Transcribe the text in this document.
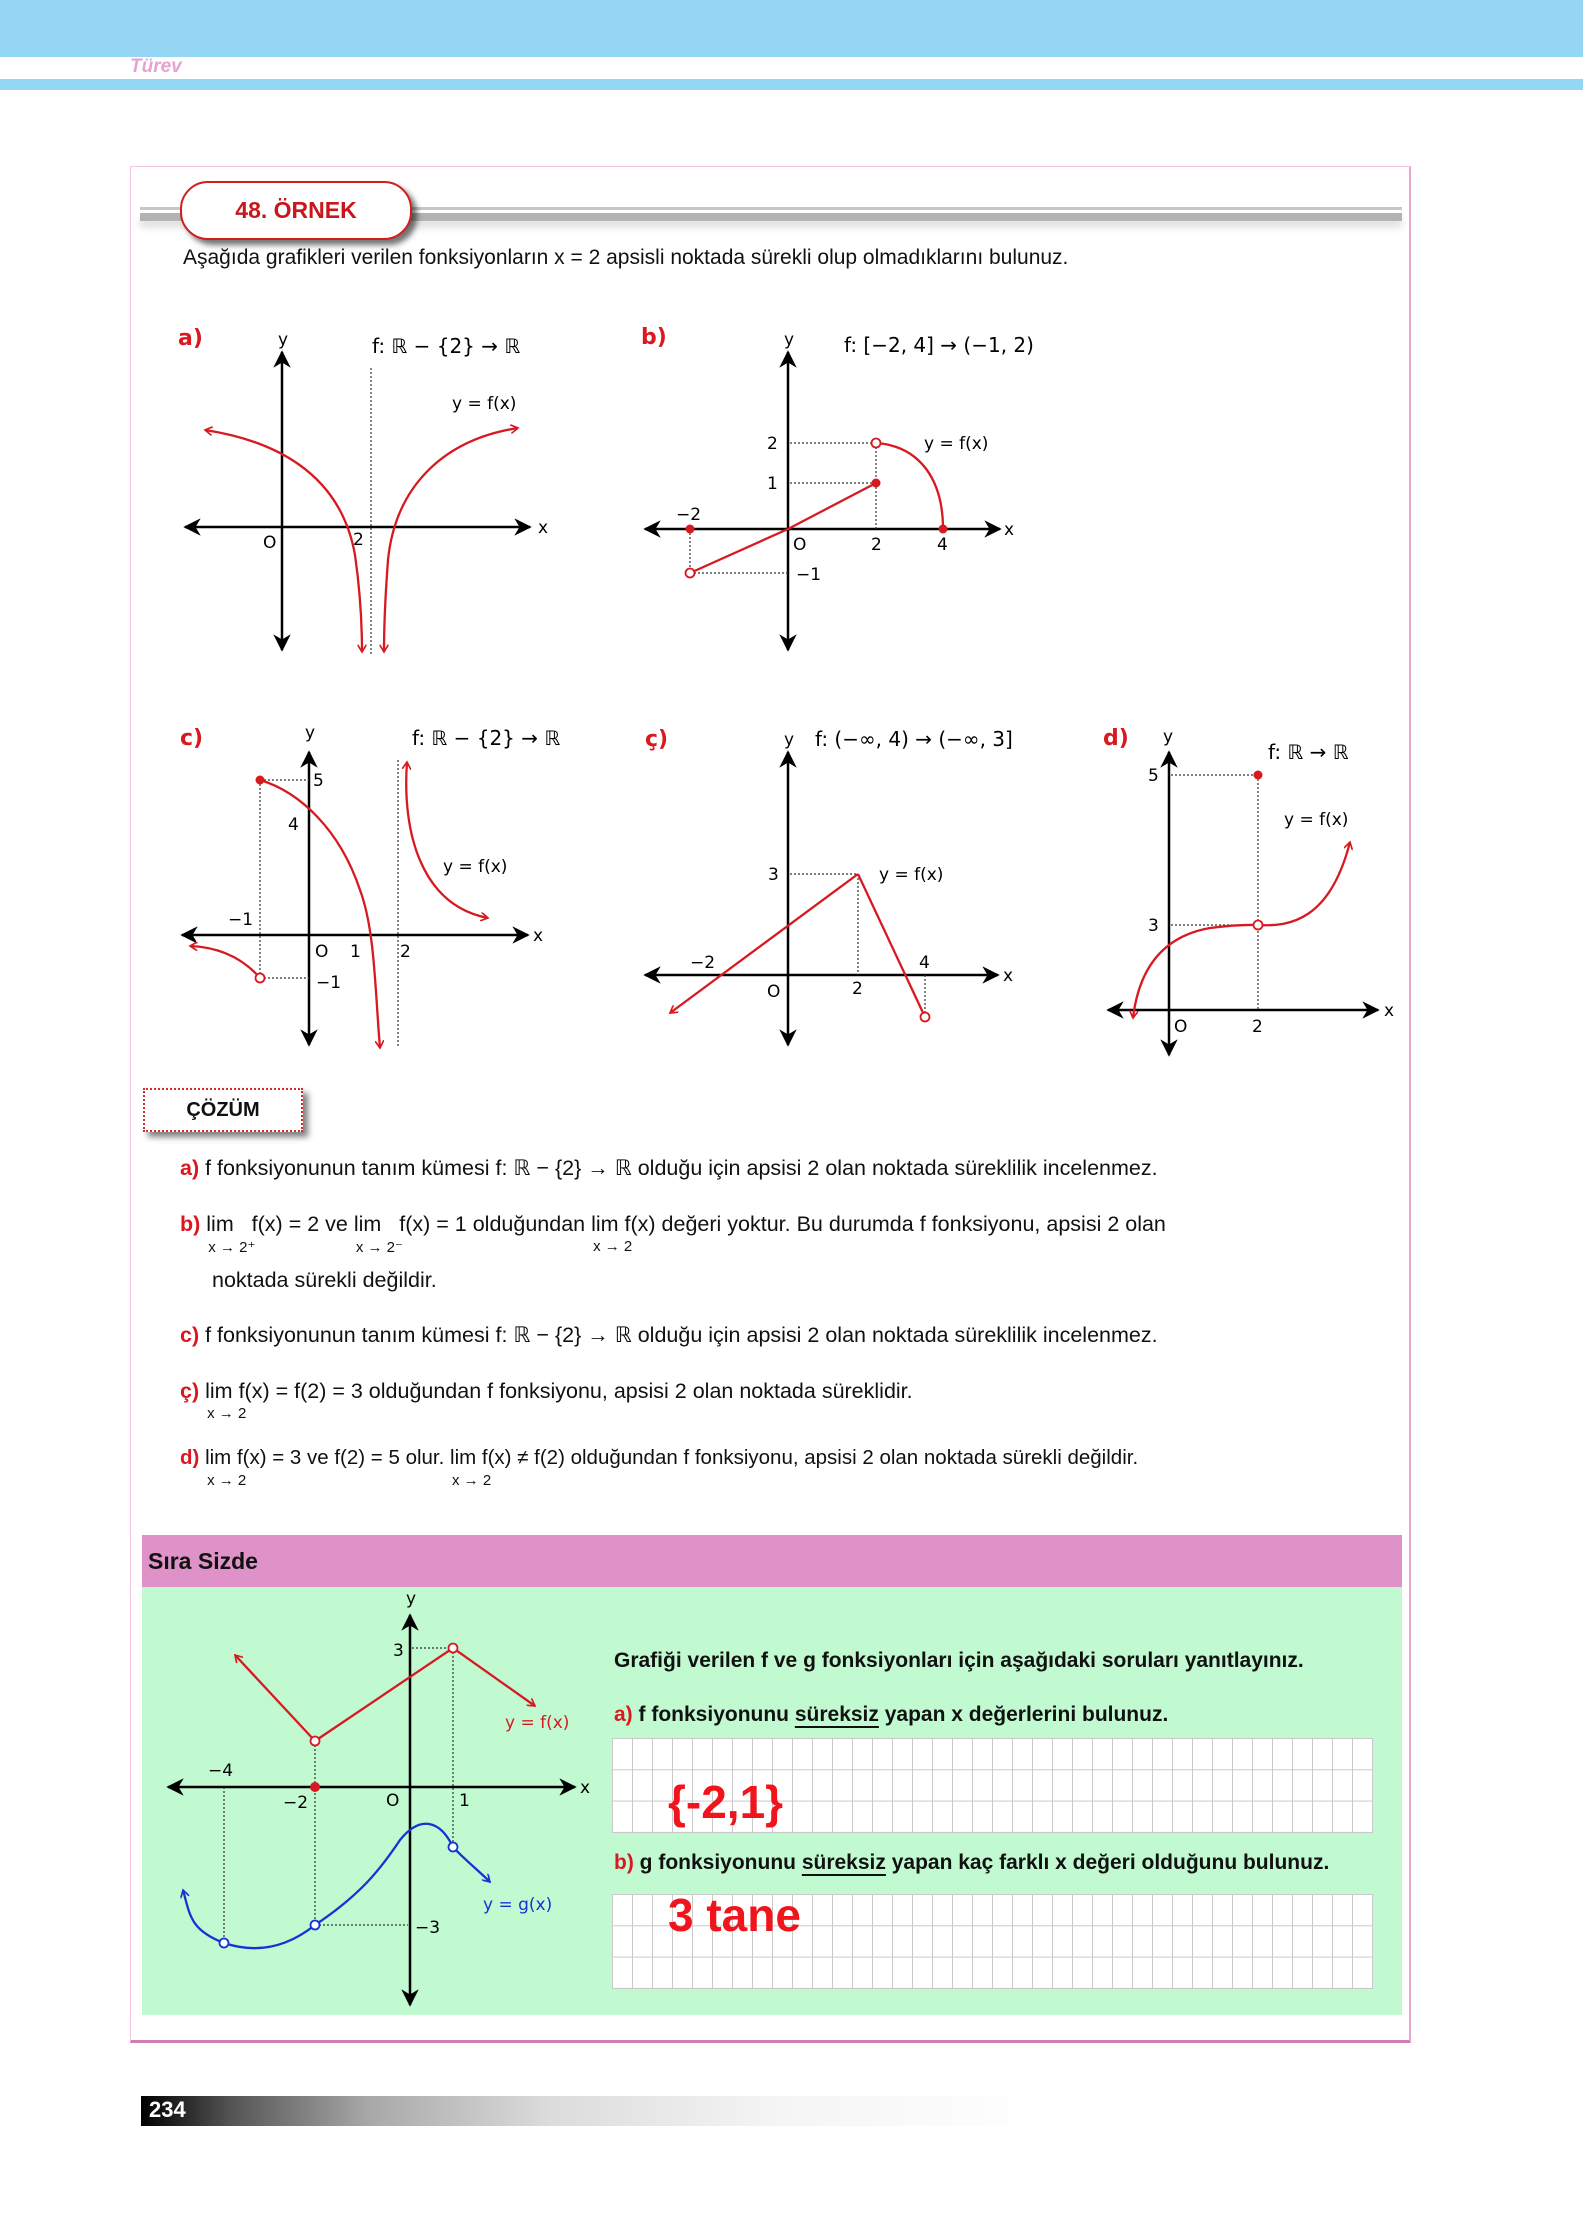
Türev
48. ÖRNEK
Aşağıda grafikleri verilen fonksiyonların x = 2 apsisli noktada sürekli olup olmadıklarını bulunuz.
a)	y
x
f: ℝ − {2} → ℝ
y = f(x)
O	2
b)	y
x
f: [−2, 4] → (−1, 2)
y = f(x)
−2
O	2	4
2
1
−1
c)	y
x
f: ℝ − {2} → ℝ
y = f(x)
−1
O 1 2
5
4
−1
ç)	y
x
f: (−∞, 4) → (−∞, 3]
y = f(x)
−2
O	2
4
3
d) y
x
f: ℝ → ℝ
y = f(x)
O	2
5
3
ÇÖZÜM
a) f fonksiyonunun tanım kümesi f: ℝ − {2} → ℝ olduğu için apsisi 2 olan noktada süreklilik incelenmez.
b) lim
x → 2⁺
f(x) = 2 ve lim
x → 2⁻
f(x) = 1 olduğundan lim
x → 2
f(x) değeri yoktur. Bu durumda f fonksiyonu, apsisi 2 olan
noktada sürekli değildir.
c) f fonksiyonunun tanım kümesi f: ℝ − {2} → ℝ olduğu için apsisi 2 olan noktada süreklilik incelenmez.
ç) lim
x → 2
f(x) = f(2) = 3 olduğundan f fonksiyonu, apsisi 2 olan noktada süreklidir.
d) lim
x → 2
f(x) = 3 ve f(2) = 5 olur. lim
x → 2
f(x) ≠ f(2) olduğundan f fonksiyonu, apsisi 2 olan noktada sürekli değildir.
Sıra Sizde
y
x
−4
−2	O	1
3
−3
y = f(x)
y = g(x)
Grafiği verilen f ve g fonksiyonları için aşağıdaki soruları yanıtlayınız.
a) f fonksiyonunu süreksiz yapan x değerlerini bulunuz.
{-2,1}
b) g fonksiyonunu süreksiz yapan kaç farklı x değeri olduğunu bulunuz.
3 tane
234
